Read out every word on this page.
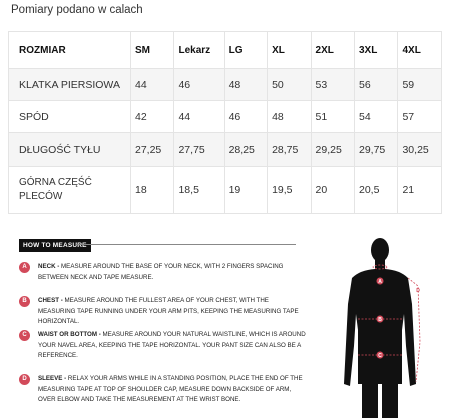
Pomiary podano w calach
ROZMIAR	SM	Lekarz	LG	XL	2XL	3XL	4XL
KLATKA PIERSIOWA	44	46	48	50	53	56	59
SPÓD	42	44	46	48	51	54	57
DŁUGOŚĆ TYŁU	27,25	27,75	28,25	28,75	29,25	29,75	30,25
GÓRNA CZĘŚĆ PLECÓW	18	18,5	19	19,5	20	20,5	21
HOW TO MEASURE
A	NECK - MEASURE AROUND THE BASE OF YOUR NECK, WITH 2 FINGERS SPACING BETWEEN NECK AND TAPE MEASURE.
B	CHEST - MEASURE AROUND THE FULLEST AREA OF YOUR CHEST, WITH THE MEASURING TAPE RUNNING UNDER YOUR ARM PITS, KEEPING THE MEASURING TAPE HORIZONTAL.
C	WAIST OR BOTTOM - MEASURE AROUND YOUR NATURAL WAISTLINE, WHICH IS AROUND YOUR NAVEL AREA, KEEPING THE TAPE HORIZONTAL. YOUR PANT SIZE CAN ALSO BE A REFERENCE.
D	SLEEVE - RELAX YOUR ARMS WHILE IN A STANDING POSITION, PLACE THE END OF THE MEASURING TAPE AT TOP OF SHOULDER CAP, MEASURE DOWN BACKSIDE OF ARM, OVER ELBOW AND TAKE THE MEASUREMENT AT THE WRIST BONE.
A
B
C
D
